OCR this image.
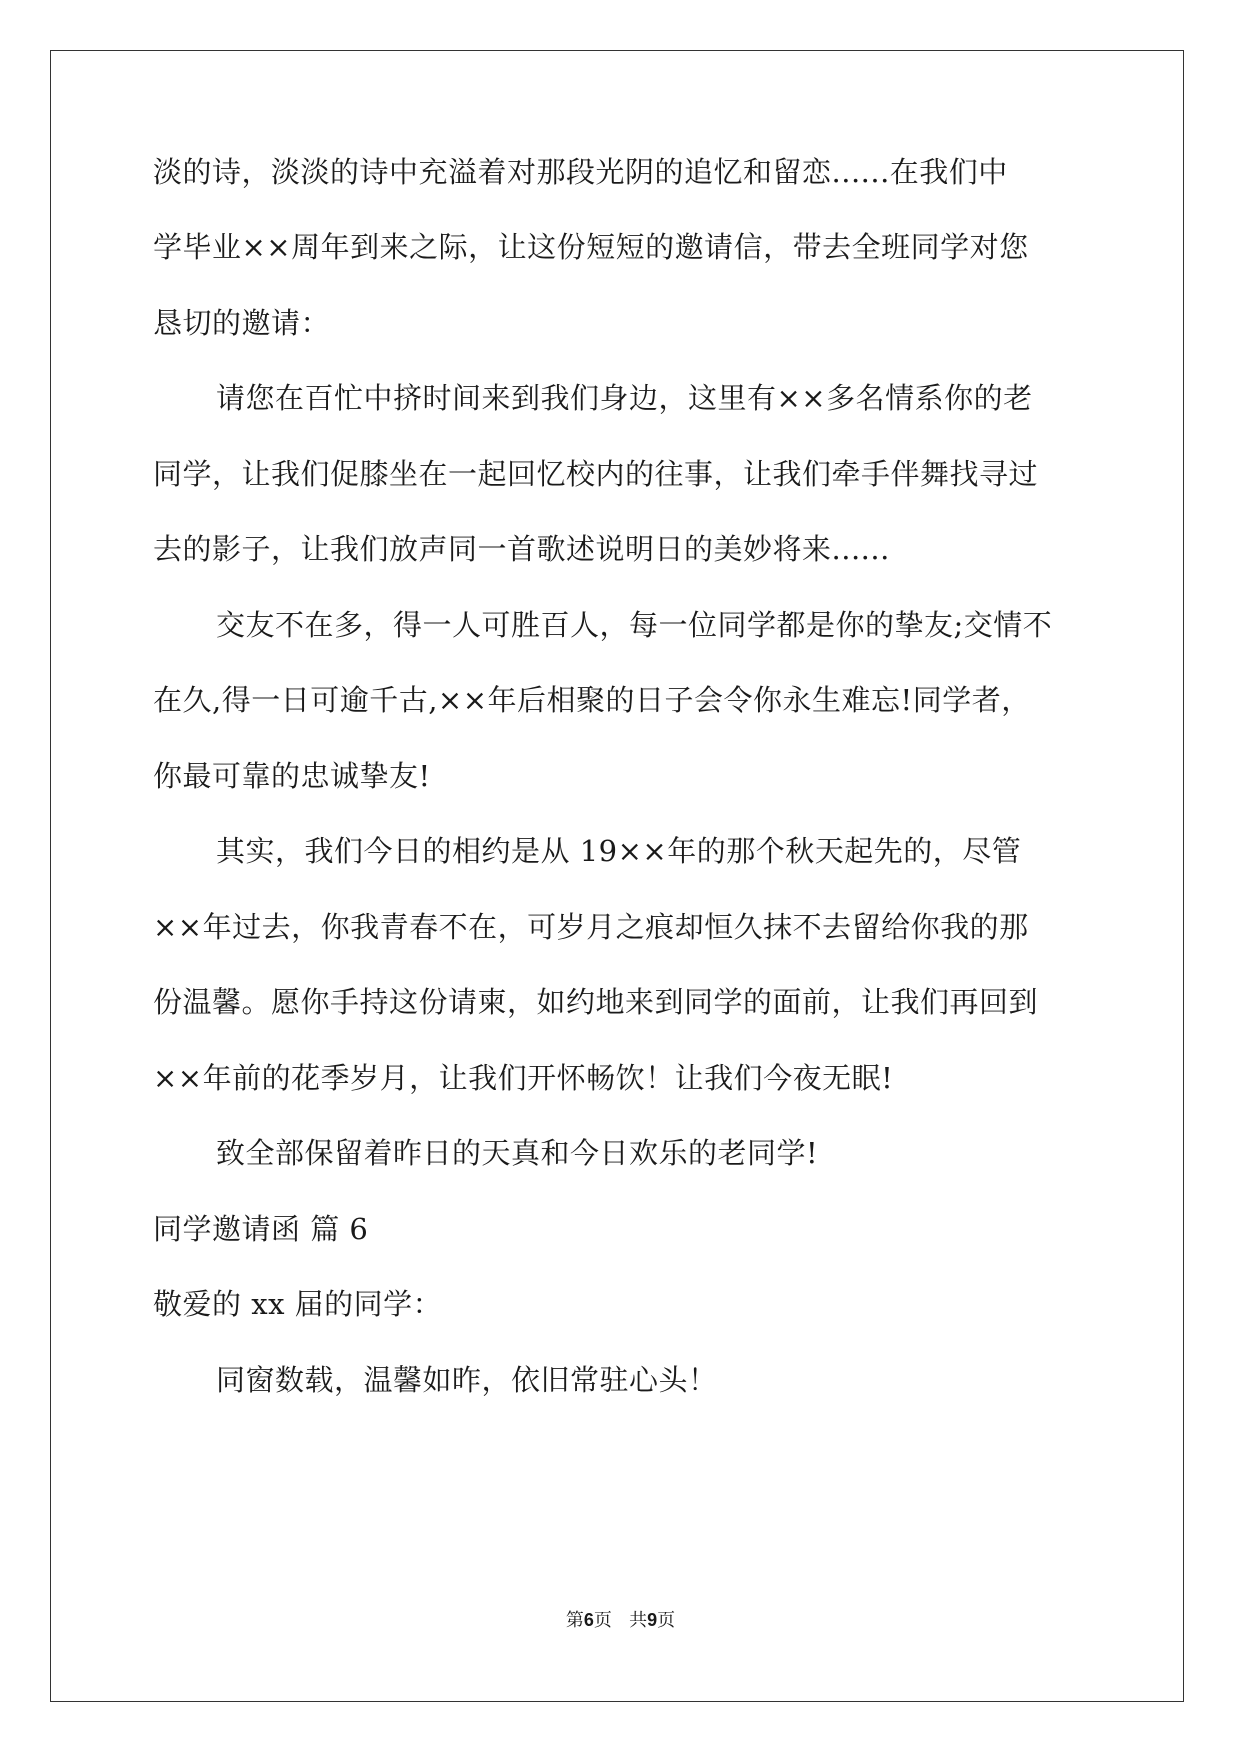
淡的诗，淡淡的诗中充溢着对那段光阴的追忆和留恋......在我们中
学毕业××周年到来之际，让这份短短的邀请信，带去全班同学对您
恳切的邀请：
请您在百忙中挤时间来到我们身边，这里有××多名情系你的老
同学，让我们促膝坐在一起回忆校内的往事，让我们牵手伴舞找寻过
去的影子，让我们放声同一首歌述说明日的美妙将来......
交友不在多，得一人可胜百人，每一位同学都是你的挚友;交情不
在久,得一日可逾千古,××年后相聚的日子会令你永生难忘!同学者，
你最可靠的忠诚挚友!
其实，我们今日的相约是从 19××年的那个秋天起先的，尽管
××年过去，你我青春不在，可岁月之痕却恒久抹不去留给你我的那
份温馨。愿你手持这份请柬，如约地来到同学的面前，让我们再回到
××年前的花季岁月，让我们开怀畅饮！让我们今夜无眠!
致全部保留着昨日的天真和今日欢乐的老同学!
同学邀请函 篇 6
敬爱的 xx 届的同学：
同窗数载，温馨如昨，依旧常驻心头！
第6页   共9页
